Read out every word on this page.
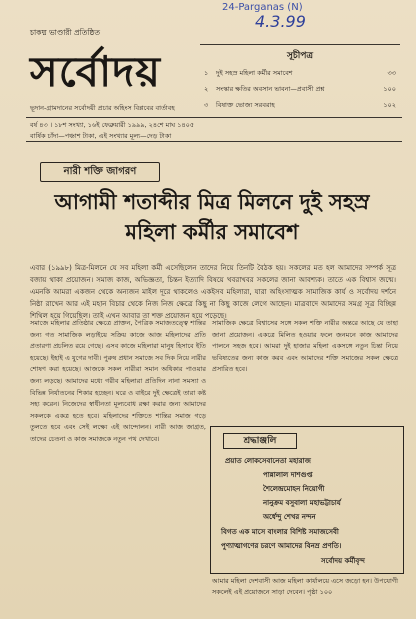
24-Parganas (N)
4.3.99
চাকদ্ম ভাণ্ডারী প্রতিষ্ঠিত
সর্বোদয়
ভূদান-গ্রামদানের সর্বোদয়ী প্রচার অহিংস বিপ্লবের বার্তাবহ
সূচীপত্র
১	দুই সহস্র মহিলা কর্মীর সমাবেশ	৩৩
২	সংস্কার ক্ষতির অবসান ভাবনা—প্রবাসী প্রশ্ন	১০০
৩	বিষাক্ত ভোজ্য সরবরাহ	১০২
বর্ষ ৪৩ । ১৮শ সংখ্যা, ১৬ই ফেব্রুয়ারী ১৯৯৯, ২৪শে মাঘ ১৪০৫
বার্ষিক চাঁদা—পঞ্চাশ টাকা, এই সংখ্যার মূল্য—দেড় টাকা
নারী শক্তি জাগরণ
আগামী শতাব্দীর মিত্র মিলনে দুই সহস্র
মহিলা কর্মীর সমাবেশ
এবার (১৯৯৮) মিত্র-মিলনে যে সব মহিলা কর্মী এসেছিলেন তাদের নিয়ে তিনটি বৈঠক হয়। সকলের মত হল আমাদের সম্পর্ক সূত্র বজায় থাকা প্রয়োজন। সমাজ কাজ, অভিজ্ঞতা, চিন্তন ইত্যাদি বিষয়ে খবরাখবর সকলের জানা আবশ্যক। তাতে এক বিশ্বাস জন্মে। এমনকি আমরা একজন থেকে অন্যজন মাইল দূরে থাকলেও একইসব মহিলারা, যারা অহিংসাত্মক সামাজিক কার্য ও সর্বোদয় দর্শনে নিষ্ঠা রাখেন আর এই মহান বিচার থেকে নিজ নিজ ক্ষেত্রে কিছু না কিছু কাজে লেগে আছেন। মাত্রবাদে আমাদের সমগ্র সূত্র বিচ্ছিন্ন শিথিল হয়ে গিয়েছিল। তাই এখন আবার তা শক্ত প্রয়োজন হয়ে পড়েছে।
সমাজে মহিলার প্রতিষ্ঠার ক্ষেত্রে প্রাক্তন, পৈত্রিক সমাজতত্ত্বে শান্তির জন্য গত সামাজিক লড়াইয়ে সক্রিয় কাজে আজ মহিলাদের প্রতি প্রতারণা প্রচলিত রয়ে গেছে। এসব কাজে মহিলারা মানুষ হিসাবে ইতি হয়েছে। ইহাই এ যুগের দাবী। পুরুষ প্রধান সমাজে সব দিক নিয়ে নারীর শোষণ করা হয়েছে। আজকে সকল নারীরা সমান অধিকার পাওয়ার জন্য লড়ছে। আমাদের মধ্যে গরীব মহিলারা প্রতিদিন নানা সমস্যা ও বিভিন্ন নির্যাতনের শিকার হচ্ছেন। ঘরে ও বাইরে দুই ক্ষেত্রেই তারা কষ্ট সহ্য করেন। নিজেদের স্বাধীনতা মূল্যবোধ রক্ষা করার জন্য আমাদের সকলকে একত্র হতে হবে। মহিলাদের শক্তিতে শান্তির সমাজ গড়ে তুলতে হবে এবং সেই লক্ষ্যে এই আন্দোলন। নারী আজ জাগ্রত, তাদের চেতনা ও কাজ সমাজকে নতুন পথ দেখাবে।
সামাজিক ক্ষেত্রে বিশ্বাসের সঙ্গে সকল শক্তি নারীর অন্তরে আছে যে তাহা জানা প্রয়োজন। একত্রে মিলিত হওয়ার ফলে জনমনে কাজ আমাদের পালনে সহজ হবে। আমরা দুই হাজার মহিলা একসঙ্গে নতুন চিন্তা নিয়ে ভবিষ্যতের জন্য কাজ করব এবং আমাদের শক্তি সমাজের সকল ক্ষেত্রে প্রসারিত হবে।
শ্রদ্ধাঞ্জলি
প্রয়াত লোকসেবানেতা মহারাজ
পান্নালাল দাশগুপ্ত
শৈলেন্দ্রমোহন নিয়োগী
নানুক্রম বসুবালা মহাভট্টাচার্য
অর্ধেন্দু শেখর নন্দন
বিগত এক মাসে বাংলার বিশিষ্ট সমাজসেবী
পুণ্যাত্মাগণের চরণে আমাদের বিনম্র প্রণতি।
সর্বোদয় কর্মীবৃন্দ
আমার মহিলা দেশবাসী আজ মহিলা কার্যালয়ে এসে জড়ো হন। উপযোগী সকলেই এই প্রয়োজনে সাড়া দেবেন। পৃষ্ঠা ১০০
